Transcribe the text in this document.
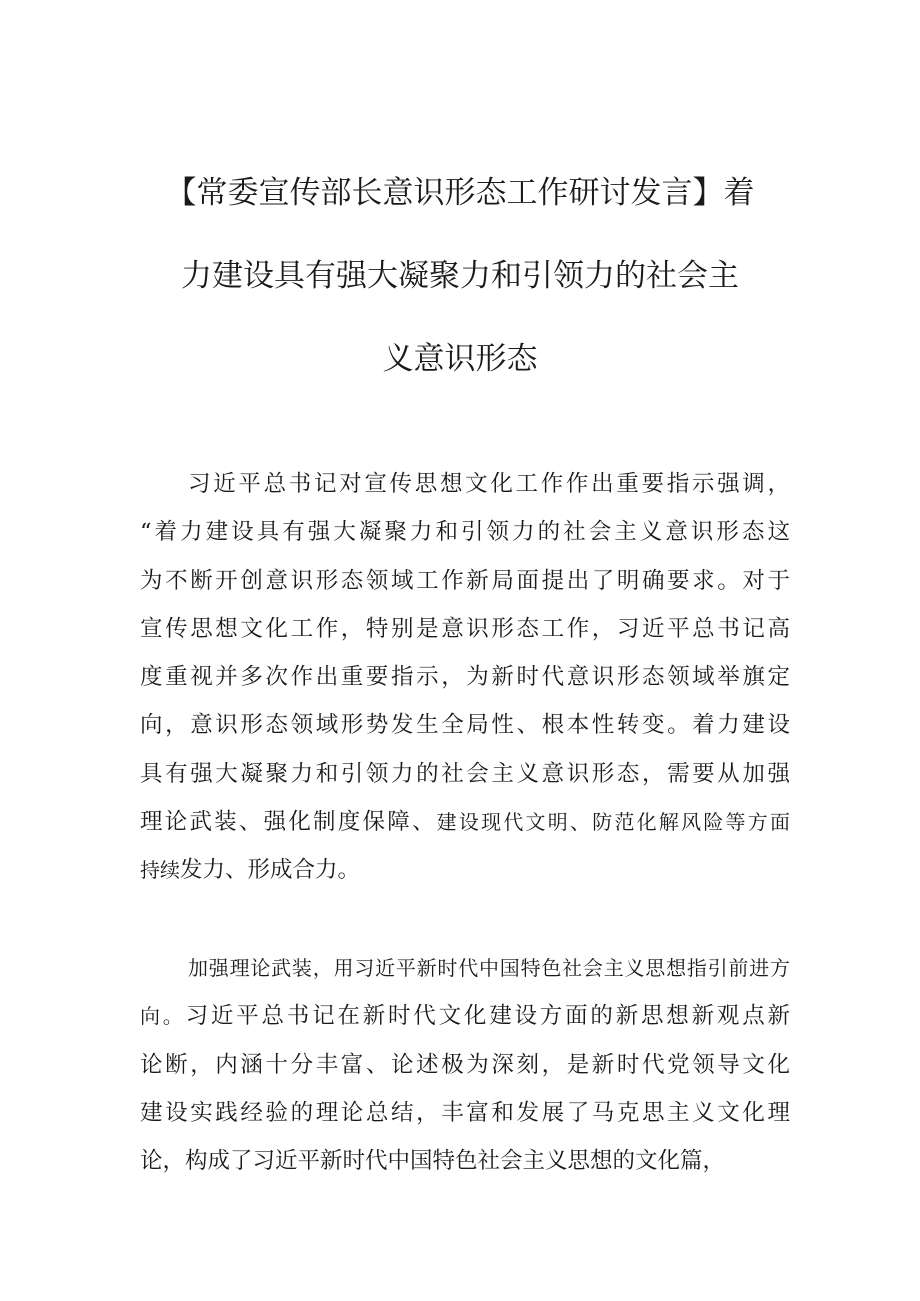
【常委宣传部长意识形态工作研讨发言】着
力建设具有强大凝聚力和引领力的社会主
义意识形态
习近平总书记对宣传思想文化工作作出重要指示强调，
“着力建设具有强大凝聚力和引领力的社会主义意识形态这
为不断开创意识形态领域工作新局面提出了明确要求。对于
宣传思想文化工作，特别是意识形态工作，习近平总书记高
度重视并多次作出重要指示，为新时代意识形态领域举旗定
向，意识形态领域形势发生全局性、根本性转变。着力建设
具有强大凝聚力和引领力的社会主义意识形态，需要从加强
理论武装、强化制度保障、建设现代文明、防范化解风险等方面
持续发力、形成合力。
加强理论武装，用习近平新时代中国特色社会主义思想指引前进方
向。习近平总书记在新时代文化建设方面的新思想新观点新
论断，内涵十分丰富、论述极为深刻，是新时代党领导文化
建设实践经验的理论总结，丰富和发展了马克思主义文化理
论，构成了习近平新时代中国特色社会主义思想的文化篇，
